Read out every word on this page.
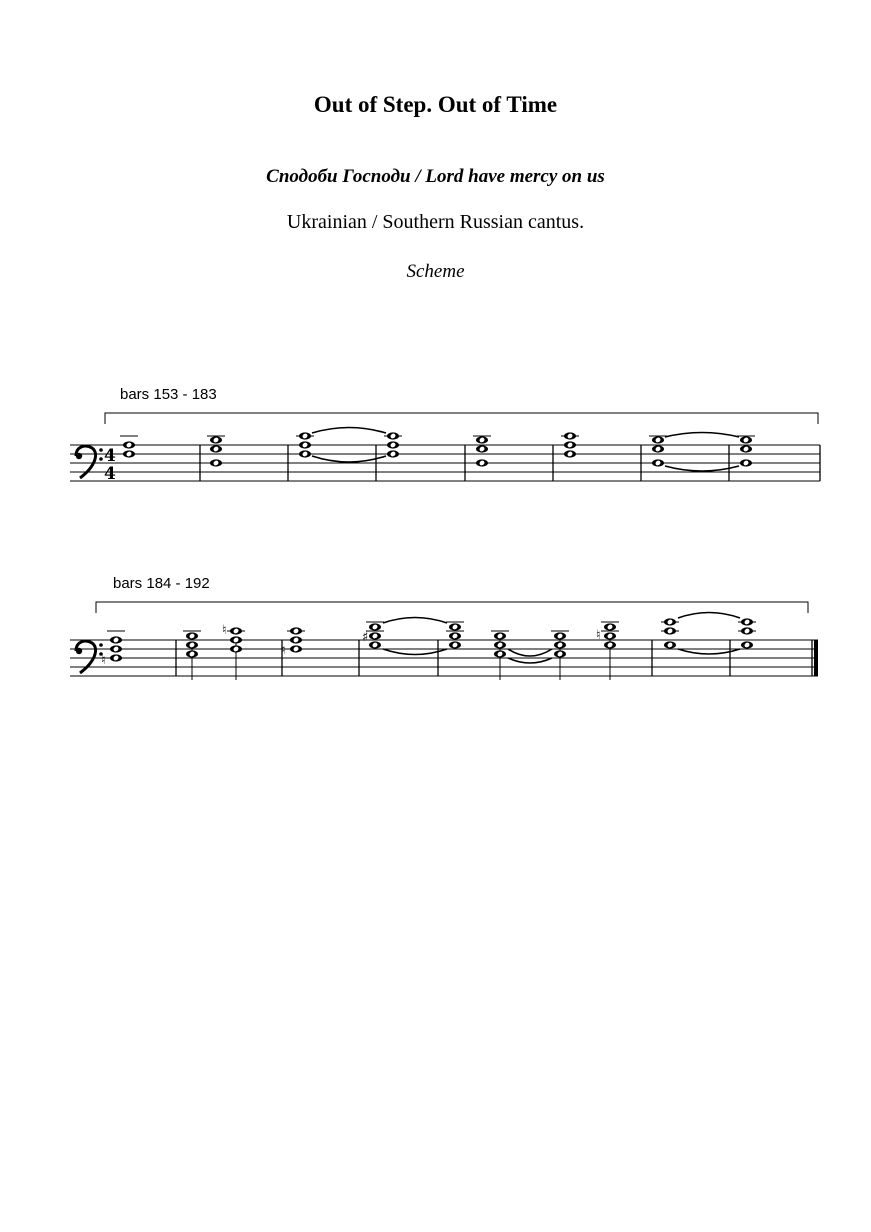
Out of Step. Out of Time
Сподоби Господи / Lord have mercy on us
Ukrainian / Southern Russian cantus.
Scheme
bars 153 - 183
bars 184 - 192
4
4
♮
♮
♮
♯	♮
